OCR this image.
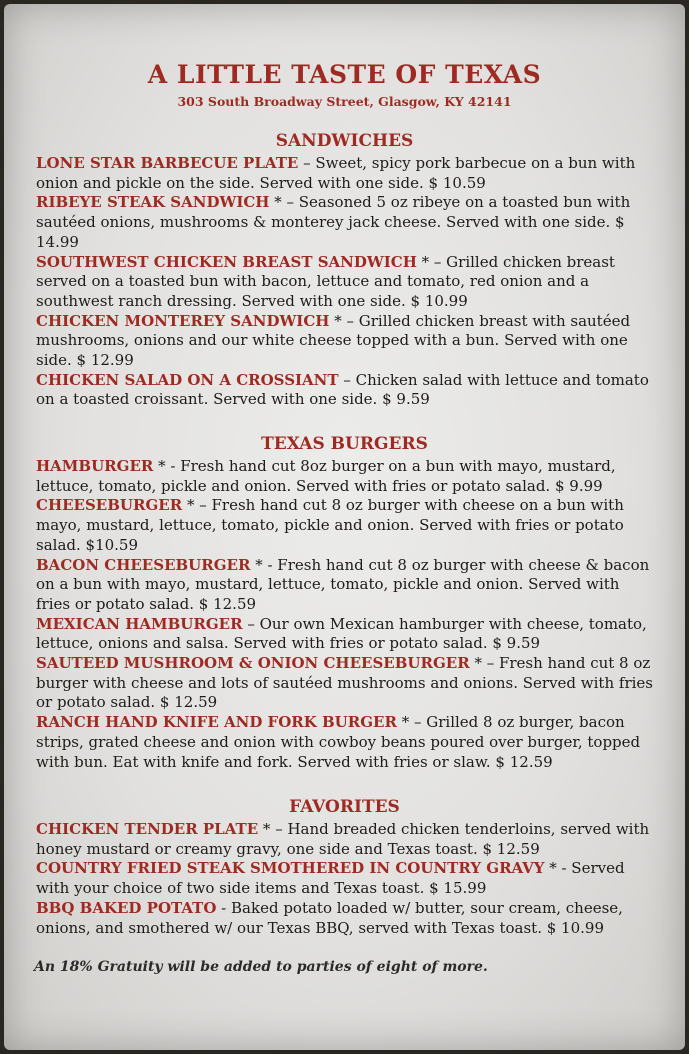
A LITTLE TASTE OF TEXAS
303 South Broadway Street, Glasgow, KY 42141
SANDWICHES

LONE STAR BARBECUE PLATE – Sweet, spicy pork barbecue on a bun with onion and pickle on the side. Served with one side. $ 10.59

RIBEYE STEAK SANDWICH * – Seasoned 5 oz ribeye on a toasted bun with sautéed onions, mushrooms & monterey jack cheese. Served with one side. $ 14.99

SOUTHWEST CHICKEN BREAST SANDWICH * – Grilled chicken breast served on a toasted bun with bacon, lettuce and tomato, red onion and a southwest ranch dressing. Served with one side. $ 10.99

CHICKEN MONTEREY SANDWICH * – Grilled chicken breast with sautéed mushrooms, onions and our white cheese topped with a bun. Served with one side. $ 12.99

CHICKEN SALAD ON A CROSSIANT – Chicken salad with lettuce and tomato on a toasted croissant. Served with one side. $ 9.59

TEXAS BURGERS

HAMBURGER * - Fresh hand cut 8oz burger on a bun with mayo, mustard, lettuce, tomato, pickle and onion. Served with fries or potato salad. $ 9.99

CHEESEBURGER * – Fresh hand cut 8 oz burger with cheese on a bun with mayo, mustard, lettuce, tomato, pickle and onion. Served with fries or potato salad. $10.59

BACON CHEESEBURGER * - Fresh hand cut 8 oz burger with cheese & bacon on a bun with mayo, mustard, lettuce, tomato, pickle and onion. Served with fries or potato salad. $ 12.59

MEXICAN HAMBURGER – Our own Mexican hamburger with cheese, tomato, lettuce, onions and salsa. Served with fries or potato salad. $ 9.59

SAUTEED MUSHROOM & ONION CHEESEBURGER * – Fresh hand cut 8 oz burger with cheese and lots of sautéed mushrooms and onions. Served with fries or potato salad. $ 12.59

RANCH HAND KNIFE AND FORK BURGER * – Grilled 8 oz burger, bacon strips, grated cheese and onion with cowboy beans poured over burger, topped with bun. Eat with knife and fork. Served with fries or slaw. $ 12.59

FAVORITES

CHICKEN TENDER PLATE * – Hand breaded chicken tenderloins, served with honey mustard or creamy gravy, one side and Texas toast. $ 12.59

COUNTRY FRIED STEAK SMOTHERED IN COUNTRY GRAVY * - Served with your choice of two side items and Texas toast. $ 15.99

BBQ BAKED POTATO - Baked potato loaded w/ butter, sour cream, cheese, onions, and smothered w/ our Texas BBQ, served with Texas toast. $ 10.99

An 18% Gratuity will be added to parties of eight of more.
